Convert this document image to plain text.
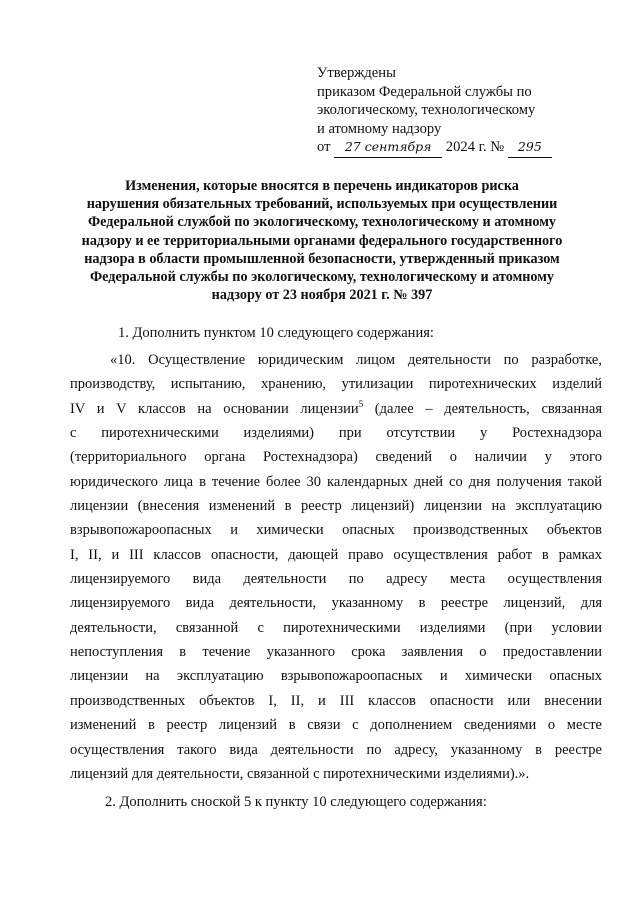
Утверждены
приказом Федеральной службы по
экологическому, технологическому
и атомному надзору
от 27 сентября 2024 г. № 295
Изменения, которые вносятся в перечень индикаторов риска
нарушения обязательных требований, используемых при осуществлении
Федеральной службой по экологическому, технологическому и атомному
надзору и ее территориальными органами федерального государственного
надзора в области промышленной безопасности, утвержденный приказом
Федеральной службы по экологическому, технологическому и атомному
надзору от 23 ноября 2021 г. № 397
1. Дополнить пунктом 10 следующего содержания:
«10. Осуществление юридическим лицом деятельности по разработке,
производству, испытанию, хранению, утилизации пиротехнических изделий
IV и V классов на основании лицензии$^5$ (далее – деятельность, связанная
с пиротехническими изделиями) при отсутствии у Ростехнадзора
(территориального органа Ростехнадзора) сведений о наличии у этого
юридического лица в течение более 30 календарных дней со дня получения такой
лицензии (внесения изменений в реестр лицензий) лицензии на эксплуатацию
взрывопожароопасных и химически опасных производственных объектов
I, II, и III классов опасности, дающей право осуществления работ в рамках
лицензируемого вида деятельности по адресу места осуществления
лицензируемого вида деятельности, указанному в реестре лицензий, для
деятельности, связанной с пиротехническими изделиями (при условии
непоступления в течение указанного срока заявления о предоставлении
лицензии на эксплуатацию взрывопожароопасных и химически опасных
производственных объектов I, II, и III классов опасности или внесении
изменений в реестр лицензий в связи с дополнением сведениями о месте
осуществления такого вида деятельности по адресу, указанному в реестре
лицензий для деятельности, связанной с пиротехническими изделиями).».
2. Дополнить сноской 5 к пункту 10 следующего содержания:
